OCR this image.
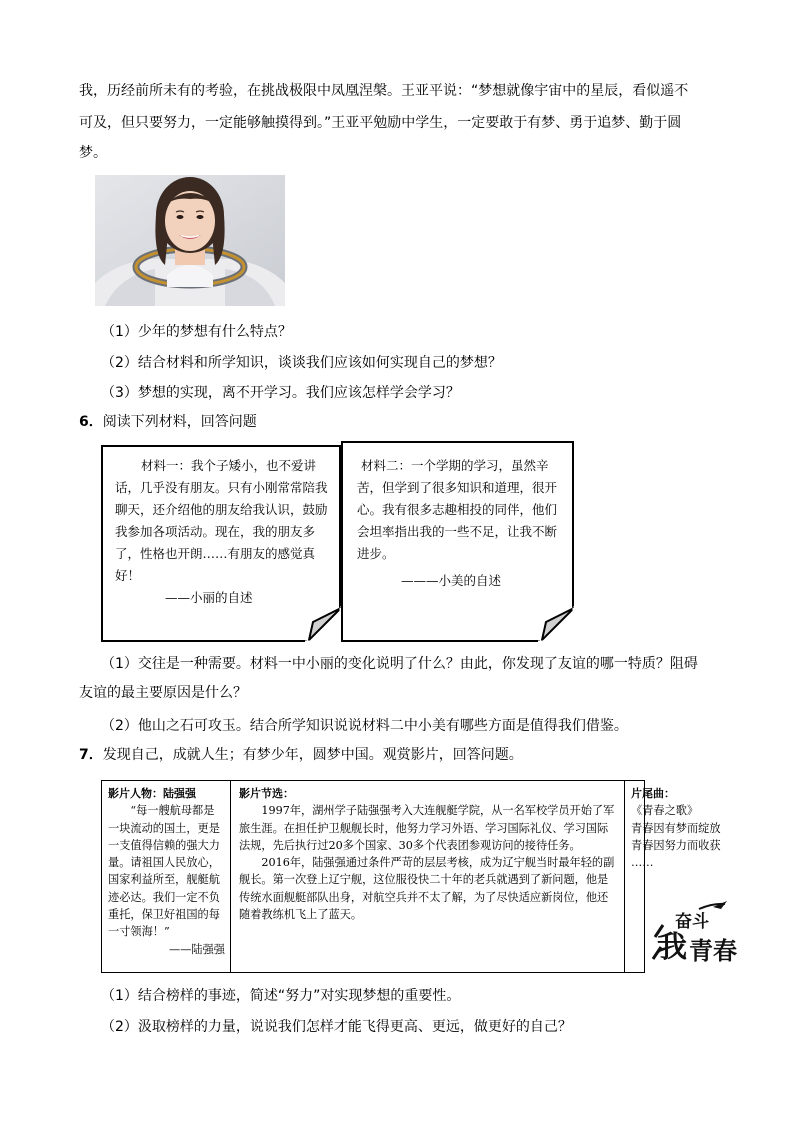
我，历经前所未有的考验，在挑战极限中凤凰涅槃。王亚平说：“梦想就像宇宙中的星辰，看似遥不

可及，但只要努力，一定能够触摸得到。”王亚平勉励中学生，一定要敢于有梦、勇于追梦、勤于圆

梦。

（1）少年的梦想有什么特点？

（2）结合材料和所学知识，谈谈我们应该如何实现自己的梦想？

（3）梦想的实现，离不开学习。我们应该怎样学会学习？

6．阅读下列材料，回答问题

材料一：我个子矮小，也不爱讲话，几乎没有朋友。只有小刚常常陪我聊天，还介绍他的朋友给我认识，鼓励我参加各项活动。现在，我的朋友多了，性格也开朗……有朋友的感觉真好！

——小丽的自述

材料二：一个学期的学习，虽然辛苦，但学到了很多知识和道理，很开心。我有很多志趣相投的同伴，他们会坦率指出我的一些不足，让我不断进步。

———小美的自述

（1）交往是一种需要。材料一中小丽的变化说明了什么？由此，你发现了友谊的哪一特质？阻碍

友谊的最主要原因是什么？

（2）他山之石可攻玉。结合所学知识说说材料二中小美有哪些方面是值得我们借鉴。

7．发现自己，成就人生；有梦少年，圆梦中国。观赏影片，回答问题。

影片人物：陆强强
“每一艘航母都是一块流动的国土，更是一支值得信赖的强大力量。请祖国人民放心，国家利益所至，舰艇航迹必达。我们一定不负重托，保卫好祖国的每一寸领海！”
——陆强强
影片节选：
1997年，湖州学子陆强强考入大连舰艇学院，从一名军校学员开始了军旅生涯。在担任护卫舰舰长时，他努力学习外语、学习国际礼仪、学习国际法规，先后执行过20多个国家、30多个代表团参观访问的接待任务。
2016年，陆强强通过条件严苛的层层考核，成为辽宁舰当时最年轻的副舰长。第一次登上辽宁舰，这位服役快二十年的老兵就遇到了新问题，他是传统水面舰艇部队出身，对航空兵并不太了解，为了尽快适应新岗位，他还随着教练机飞上了蓝天。
片尾曲：
《青春之歌》
青春因有梦而绽放
青春因努力而收获
……
奋斗
我 青春

（1）结合榜样的事迹，简述“努力”对实现梦想的重要性。

（2）汲取榜样的力量，说说我们怎样才能飞得更高、更远，做更好的自己？
